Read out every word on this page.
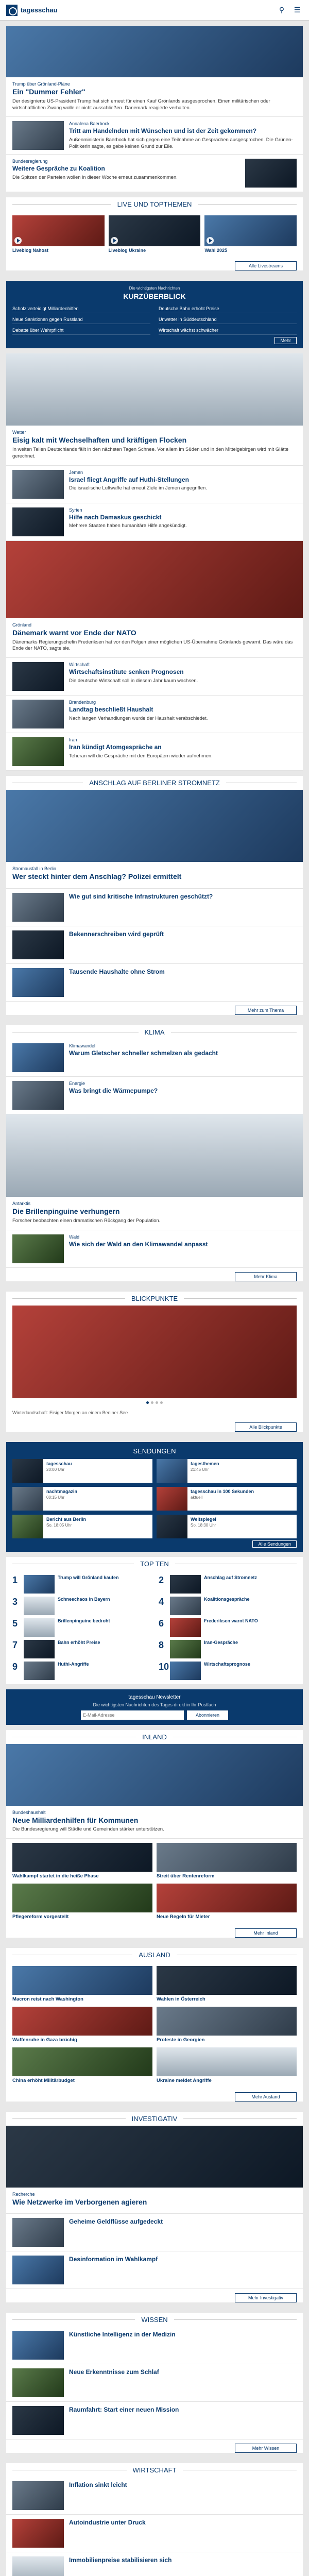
tagesschau	⚲	☰
Trump über Grönland-Pläne
Ein "Dummer Fehler"
Der designierte US-Präsident Trump hat sich erneut für einen Kauf Grönlands ausgesprochen. Einen militärischen oder wirtschaftlichen Zwang wolle er nicht ausschließen. Dänemark reagierte verhalten.
Annalena Baerbock
Tritt am Handelnden mit Wünschen und ist der Zeit gekommen?
Außenministerin Baerbock hat sich gegen eine Teilnahme an Gesprächen ausgesprochen. Die Grünen-Politikerin sagte, es gebe keinen Grund zur Eile.
Bundesregierung
Weitere Gespräche zu Koalition
Die Spitzen der Parteien wollen in dieser Woche erneut zusammenkommen.
LIVE UND TOPTHEMEN
Liveblog Nahost	Liveblog Ukraine	Wahl 2025
Alle Livestreams
Die wichtigsten Nachrichten
KURZÜBERBLICK
Scholz verteidigt Milliardenhilfen	Deutsche Bahn erhöht Preise
Neue Sanktionen gegen Russland	Unwetter in Süddeutschland
Debatte über Wehrpflicht	Wirtschaft wächst schwächer
Mehr
Wetter
Eisig kalt mit Wechselhaften und kräftigen Flocken
In weiten Teilen Deutschlands fällt in den nächsten Tagen Schnee. Vor allem im Süden und in den Mittelgebirgen wird mit Glätte gerechnet.
Jemen
Israel fliegt Angriffe auf Huthi-Stellungen
Die israelische Luftwaffe hat erneut Ziele im Jemen angegriffen.
Syrien
Hilfe nach Damaskus geschickt
Mehrere Staaten haben humanitäre Hilfe angekündigt.
Grönland
Dänemark warnt vor Ende der NATO
Dänemarks Regierungschefin Frederiksen hat vor den Folgen einer möglichen US-Übernahme Grönlands gewarnt. Das wäre das Ende der NATO, sagte sie.
Wirtschaft
Wirtschaftsinstitute senken Prognosen
Die deutsche Wirtschaft soll in diesem Jahr kaum wachsen.
Brandenburg
Landtag beschließt Haushalt
Nach langen Verhandlungen wurde der Haushalt verabschiedet.
Iran
Iran kündigt Atomgespräche an
Teheran will die Gespräche mit den Europäern wieder aufnehmen.
ANSCHLAG AUF BERLINER STROMNETZ
Stromausfall in Berlin
Wer steckt hinter dem Anschlag? Polizei ermittelt
Wie gut sind kritische Infrastrukturen geschützt?
Bekennerschreiben wird geprüft
Tausende Haushalte ohne Strom
Mehr zum Thema
KLIMA
Klimawandel
Warum Gletscher schneller schmelzen als gedacht
Energie
Was bringt die Wärmepumpe?
Antarktis
Die Brillenpinguine verhungern
Forscher beobachten einen dramatischen Rückgang der Population.
Wald
Wie sich der Wald an den Klimawandel anpasst
Mehr Klima
BLICKPUNKTE
Winterlandschaft: Eisiger Morgen an einem Berliner See
Alle Blickpunkte
SENDUNGEN
tagesschau
20:00 Uhr
tagesthemen
21:45 Uhr
nachtmagazin
00:15 Uhr
tagesschau in 100 Sekunden
aktuell
Bericht aus Berlin
So. 18:05 Uhr
Weltspiegel
So. 18:30 Uhr
Alle Sendungen
TOP TEN
1	Trump will Grönland kaufen	2	Anschlag auf Stromnetz
3	Schneechaos in Bayern	4	Koalitionsgespräche
5	Brillenpinguine bedroht	6	Frederiksen warnt NATO
7	Bahn erhöht Preise	8	Iran-Gespräche
9	Huthi-Angriffe	10	Wirtschaftsprognose
tagesschau Newsletter
Die wichtigsten Nachrichten des Tages direkt in Ihr Postfach
E-Mail-Adresse
Abonnieren
INLAND
Bundeshaushalt
Neue Milliardenhilfen für Kommunen
Die Bundesregierung will Städte und Gemeinden stärker unterstützen.
Wahlkampf startet in die heiße Phase	Streit über Rentenreform
Pflegereform vorgestellt	Neue Regeln für Mieter
Mehr Inland
AUSLAND
Macron reist nach Washington	Wahlen in Österreich
Waffenruhe in Gaza brüchig	Proteste in Georgien
China erhöht Militärbudget	Ukraine meldet Angriffe
Mehr Ausland
INVESTIGATIV
Recherche
Wie Netzwerke im Verborgenen agieren
Geheime Geldflüsse aufgedeckt
Desinformation im Wahlkampf
Mehr Investigativ
WISSEN
Künstliche Intelligenz in der Medizin
Neue Erkenntnisse zum Schlaf
Raumfahrt: Start einer neuen Mission
Mehr Wissen
WIRTSCHAFT
Inflation sinkt leicht
Autoindustrie unter Druck
Immobilienpreise stabilisieren sich
